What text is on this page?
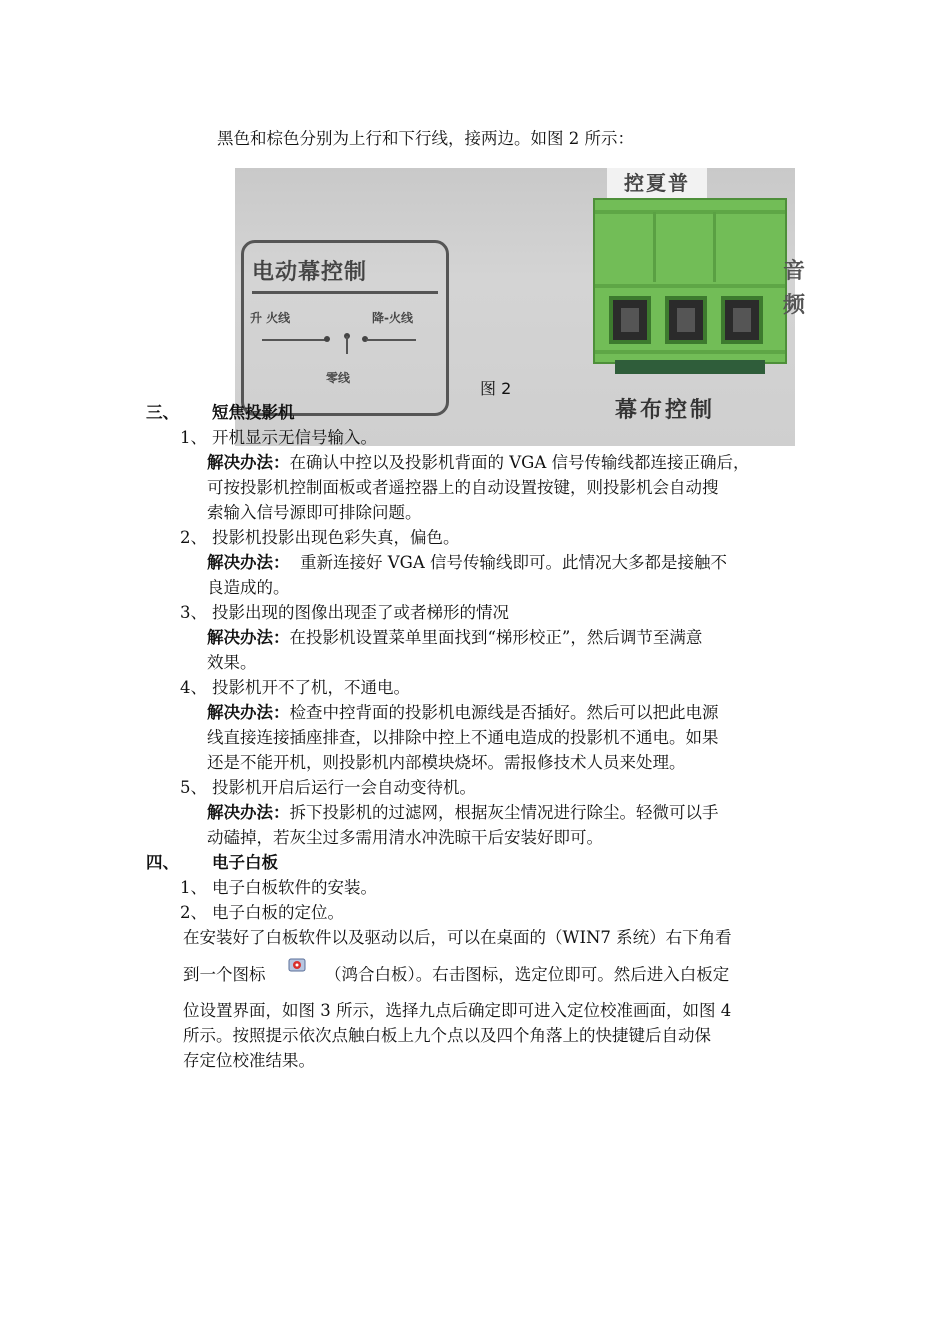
黑色和棕色分别为上行和下行线，接两边。如图 2 所示：
电动幕控制
升 火线	降-火线
零线
控夏普
幕布控制
音
频
图 2
三、 短焦投影机
1、 开机显示无信号输入。
解决办法：在确认中控以及投影机背面的 VGA 信号传输线都连接正确后，
可按投影机控制面板或者遥控器上的自动设置按键，则投影机会自动搜
索输入信号源即可排除问题。
2、 投影机投影出现色彩失真，偏色。
解决办法：  重新连接好 VGA 信号传输线即可。此情况大多都是接触不
良造成的。
3、 投影出现的图像出现歪了或者梯形的情况
解决办法：在投影机设置菜单里面找到“梯形校正”，然后调节至满意
效果。
4、 投影机开不了机，不通电。
解决办法：检查中控背面的投影机电源线是否插好。然后可以把此电源
线直接连接插座排查，以排除中控上不通电造成的投影机不通电。如果
还是不能开机，则投影机内部模块烧坏。需报修技术人员来处理。
5、 投影机开启后运行一会自动变待机。
解决办法：拆下投影机的过滤网，根据灰尘情况进行除尘。轻微可以手
动磕掉，若灰尘过多需用清水冲洗晾干后安装好即可。
四、 电子白板
1、 电子白板软件的安装。
2、 电子白板的定位。
在安装好了白板软件以及驱动以后，可以在桌面的（WIN7 系统）右下角看
到一个图标	（鸿合白板）。右击图标，选定位即可。然后进入白板定
位设置界面，如图 3 所示，选择九点后确定即可进入定位校准画面，如图 4
所示。按照提示依次点触白板上九个点以及四个角落上的快捷键后自动保
存定位校准结果。
